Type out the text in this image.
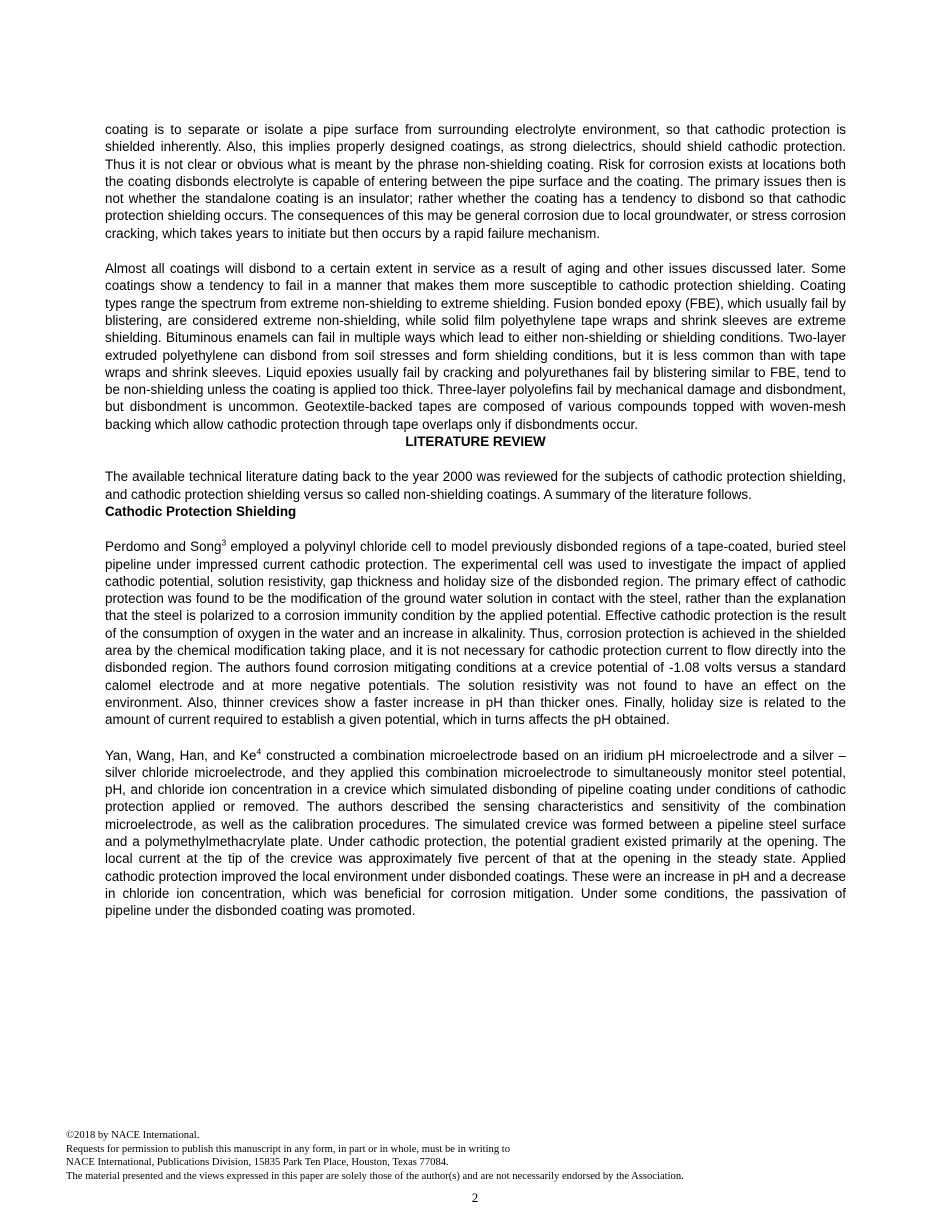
coating is to separate or isolate a pipe surface from surrounding electrolyte environment, so that cathodic protection is shielded inherently. Also, this implies properly designed coatings, as strong dielectrics, should shield cathodic protection. Thus it is not clear or obvious what is meant by the phrase non-shielding coating. Risk for corrosion exists at locations both the coating disbonds electrolyte is capable of entering between the pipe surface and the coating. The primary issues then is not whether the standalone coating is an insulator; rather whether the coating has a tendency to disbond so that cathodic protection shielding occurs. The consequences of this may be general corrosion due to local groundwater, or stress corrosion cracking, which takes years to initiate but then occurs by a rapid failure mechanism.

Almost all coatings will disbond to a certain extent in service as a result of aging and other issues discussed later. Some coatings show a tendency to fail in a manner that makes them more susceptible to cathodic protection shielding. Coating types range the spectrum from extreme non-shielding to extreme shielding. Fusion bonded epoxy (FBE), which usually fail by blistering, are considered extreme non-shielding, while solid film polyethylene tape wraps and shrink sleeves are extreme shielding. Bituminous enamels can fail in multiple ways which lead to either non-shielding or shielding conditions. Two-layer extruded polyethylene can disbond from soil stresses and form shielding conditions, but it is less common than with tape wraps and shrink sleeves. Liquid epoxies usually fail by cracking and polyurethanes fail by blistering similar to FBE, tend to be non-shielding unless the coating is applied too thick. Three-layer polyolefins fail by mechanical damage and disbondment, but disbondment is uncommon. Geotextile-backed tapes are composed of various compounds topped with woven-mesh backing which allow cathodic protection through tape overlaps only if disbondments occur.

LITERATURE REVIEW

The available technical literature dating back to the year 2000 was reviewed for the subjects of cathodic protection shielding, and cathodic protection shielding versus so called non-shielding coatings. A summary of the literature follows.

Cathodic Protection Shielding

Perdomo and Song$^3$ employed a polyvinyl chloride cell to model previously disbonded regions of a tape-coated, buried steel pipeline under impressed current cathodic protection. The experimental cell was used to investigate the impact of applied cathodic potential, solution resistivity, gap thickness and holiday size of the disbonded region. The primary effect of cathodic protection was found to be the modification of the ground water solution in contact with the steel, rather than the explanation that the steel is polarized to a corrosion immunity condition by the applied potential. Effective cathodic protection is the result of the consumption of oxygen in the water and an increase in alkalinity. Thus, corrosion protection is achieved in the shielded area by the chemical modification taking place, and it is not necessary for cathodic protection current to flow directly into the disbonded region. The authors found corrosion mitigating conditions at a crevice potential of -1.08 volts versus a standard calomel electrode and at more negative potentials. The solution resistivity was not found to have an effect on the environment. Also, thinner crevices show a faster increase in pH than thicker ones. Finally, holiday size is related to the amount of current required to establish a given potential, which in turns affects the pH obtained.

Yan, Wang, Han, and Ke$^4$ constructed a combination microelectrode based on an iridium pH microelectrode and a silver – silver chloride microelectrode, and they applied this combination microelectrode to simultaneously monitor steel potential, pH, and chloride ion concentration in a crevice which simulated disbonding of pipeline coating under conditions of cathodic protection applied or removed. The authors described the sensing characteristics and sensitivity of the combination microelectrode, as well as the calibration procedures. The simulated crevice was formed between a pipeline steel surface and a polymethylmethacrylate plate. Under cathodic protection, the potential gradient existed primarily at the opening. The local current at the tip of the crevice was approximately five percent of that at the opening in the steady state. Applied cathodic protection improved the local environment under disbonded coatings. These were an increase in pH and a decrease in chloride ion concentration, which was beneficial for corrosion mitigation. Under some conditions, the passivation of pipeline under the disbonded coating was promoted.

©2018 by NACE International.

Requests for permission to publish this manuscript in any form, in part or in whole, must be in writing to

NACE International, Publications Division, 15835 Park Ten Place, Houston, Texas 77084.

The material presented and the views expressed in this paper are solely those of the author(s) and are not necessarily endorsed by the Association.

2
